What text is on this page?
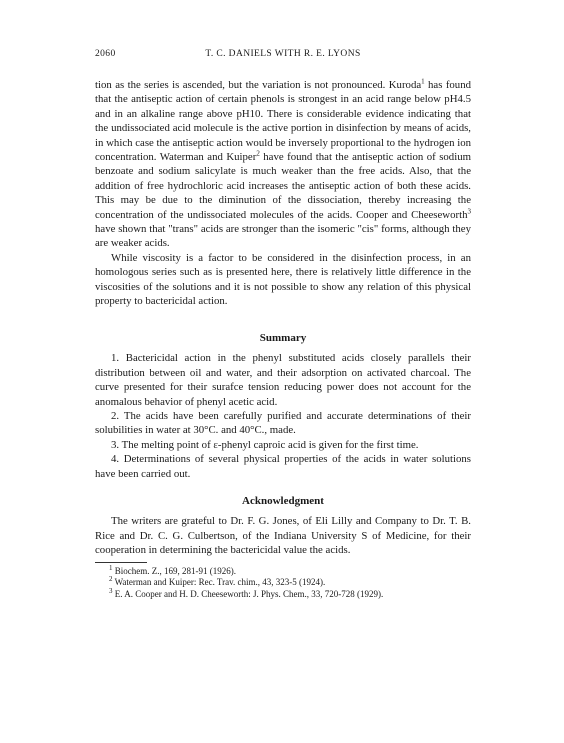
2060	T. C. DANIELS WITH R. E. LYONS

tion as the series is ascended, but the variation is not pronounced. Kuroda$^1$ has found that the antiseptic action of certain phenols is strongest in an acid range below pH4.5 and in an alkaline range above pH10. There is considerable evidence indicating that the undissociated acid molecule is the active portion in disinfection by means of acids, in which case the antiseptic action would be inversely proportional to the hydrogen ion concentration. Waterman and Kuiper$^2$ have found that the antiseptic action of sodium benzoate and sodium salicylate is much weaker than the free acids. Also, that the addition of free hydrochloric acid increases the antiseptic action of both these acids. This may be due to the diminution of the dissociation, thereby increasing the concentration of the undissociated molecules of the acids. Cooper and Cheeseworth$^3$ have shown that "trans" acids are stronger than the isomeric "cis" forms, although they are weaker acids.

While viscosity is a factor to be considered in the disinfection process, in an homologous series such as is presented here, there is relatively little difference in the viscosities of the solutions and it is not possible to show any relation of this physical property to bactericidal action.

Summary

1. Bactericidal action in the phenyl substituted acids closely parallels their distribution between oil and water, and their adsorption on activated charcoal. The curve presented for their surafce tension reducing power does not account for the anomalous behavior of phenyl acetic acid.

2. The acids have been carefully purified and accurate determinations of their solubilities in water at 30°C. and 40°C., made.

3. The melting point of ε-phenyl caproic acid is given for the first time.

4. Determinations of several physical properties of the acids in water solutions have been carried out.

Acknowledgment

The writers are grateful to Dr. F. G. Jones, of Eli Lilly and Company to Dr. T. B. Rice and Dr. C. G. Culbertson, of the Indiana University S of Medicine, for their cooperation in determining the bactericidal value the acids.

$^1$ Biochem. Z., 169, 281-91 (1926).

$^2$ Waterman and Kuiper: Rec. Trav. chim., 43, 323-5 (1924).

$^3$ E. A. Cooper and H. D. Cheeseworth: J. Phys. Chem., 33, 720-728 (1929).
